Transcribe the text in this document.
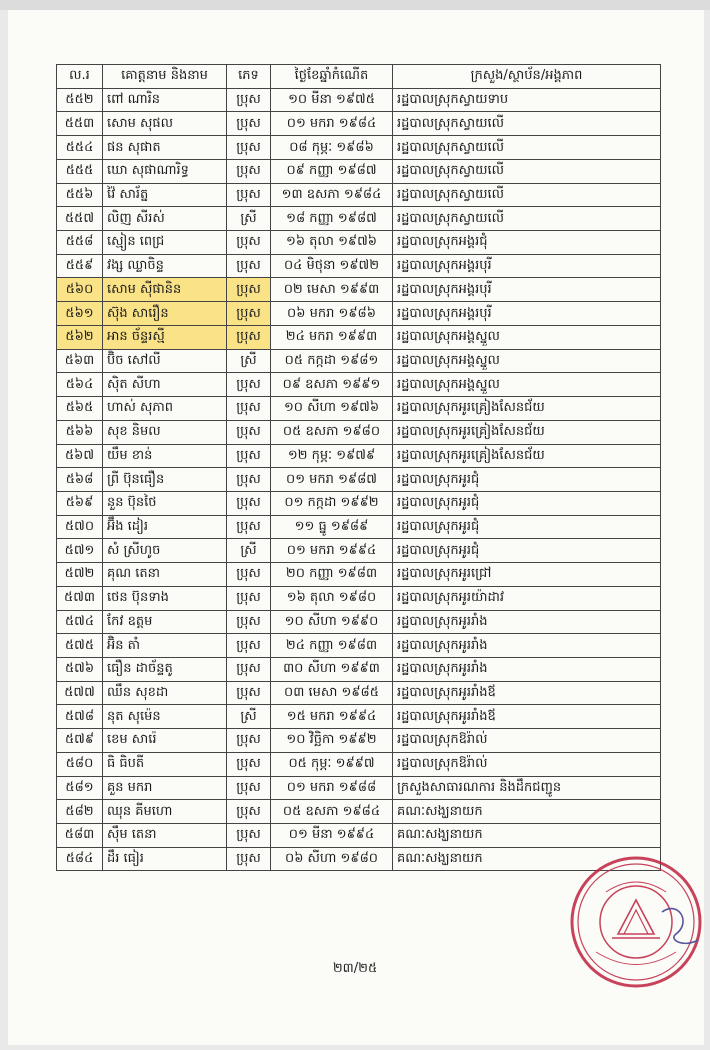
ល.រ	គោត្តនាម និងនាម	ភេទ	ថ្ងៃខែឆ្នាំកំណើត	ក្រសួង/ស្ថាប័ន/អង្គភាព
៥៥២	ពៅ ណារិន	ប្រុស	១០ មីនា ១៩៧៥	រដ្ឋបាលស្រុកស្វាយទាប
៥៥៣	សោម សុផល	ប្រុស	០១ មករា ១៩៨៤	រដ្ឋបាលស្រុកស្វាយលើ
៥៥៤	ផន សុផាត	ប្រុស	០៨ កុម្ភៈ ១៩៨៦	រដ្ឋបាលស្រុកស្វាយលើ
៥៥៥	ឃោ សុផាណារិទ្ធ	ប្រុស	០៩ កញ្ញា ១៩៨៧	រដ្ឋបាលស្រុកស្វាយលើ
៥៥៦	វ៉ៃ សារ័ត្ន	ប្រុស	១៣ ឧសភា ១៩៨៤	រដ្ឋបាលស្រុកស្វាយលើ
៥៥៧	លិញ សីរស់	ស្រី	១៨ កញ្ញា ១៩៨៧	រដ្ឋបាលស្រុកស្វាយលើ
៥៥៨	ស្មៀន ពេជ្រ	ប្រុស	១៦ តុលា ១៩៧៦	រដ្ឋបាលស្រុកអង្គរជុំ
៥៥៩	វង្ស ឈ្លាចិន្ទ	ប្រុស	០៤ មិថុនា ១៩៧២	រដ្ឋបាលស្រុកអង្គរបុរី
៥៦០	សោម ស៊ីផានិន	ប្រុស	០២ មេសា ១៩៩៣	រដ្ឋបាលស្រុកអង្គរបុរី
៥៦១	ស៊ុង សារឿន	ប្រុស	០៦ មករា ១៩៨៦	រដ្ឋបាលស្រុកអង្គរបុរី
៥៦២	អាន ច័ន្ទរស្មី	ប្រុស	២៤ មករា ១៩៩៣	រដ្ឋបាលស្រុកអង្គស្នួល
៥៦៣	ប៊ិច សៅលី	ស្រី	០៥ កក្កដា ១៩៨១	រដ្ឋបាលស្រុកអង្គស្នួល
៥៦៤	ស៊ិត សីហា	ប្រុស	០៩ ឧសភា ១៩៩១	រដ្ឋបាលស្រុកអង្គស្នួល
៥៦៥	ហាស់ សុភាព	ប្រុស	១០ សីហា ១៩៧៦	រដ្ឋបាលស្រុកអូរគ្រៀងសែនជ័យ
៥៦៦	សុខ និមល	ប្រុស	០៥ ឧសភា ១៩៨០	រដ្ឋបាលស្រុកអូរគ្រៀងសែនជ័យ
៥៦៧	យឹម ខាន់	ប្រុស	១២ កុម្ភៈ ១៩៧៩	រដ្ឋបាលស្រុកអូរគ្រៀងសែនជ័យ
៥៦៨	ព្រី ប៊ុនធឿន	ប្រុស	០១ មករា ១៩៨៧	រដ្ឋបាលស្រុកអូរជុំ
៥៦៩	នួន ប៊ុនថៃ	ប្រុស	០១ កក្កដា ១៩៩២	រដ្ឋបាលស្រុកអូរជុំ
៥៧០	អ៊ឹង ដៀរ	ប្រុស	១១ ធ្នូ ១៩៨៩	រដ្ឋបាលស្រុកអូរជុំ
៥៧១	សំ ស្រីហូច	ស្រី	០១ មករា ១៩៩៤	រដ្ឋបាលស្រុកអូរជុំ
៥៧២	គុណ តេនា	ប្រុស	២០ កញ្ញា ១៩៨៣	រដ្ឋបាលស្រុកអូរជ្រៅ
៥៧៣	ថេន ប៊ុនទាង	ប្រុស	១៦ តុលា ១៩៨០	រដ្ឋបាលស្រុកអូរយ៉ាដាវ
៥៧៤	កែវ ឧត្តម	ប្រុស	១០ សីហា ១៩៩០	រដ្ឋបាលស្រុកអូររាំង
៥៧៥	អ៊ិន តាំ	ប្រុស	២៤ កញ្ញា ១៩៨៣	រដ្ឋបាលស្រុកអូររាំង
៥៧៦	ធឿន ដាច័ន្ទតូ	ប្រុស	៣០ សីហា ១៩៩៣	រដ្ឋបាលស្រុកអូររាំង
៥៧៧	ឈឹន សុខដា	ប្រុស	០៣ មេសា ១៩៨៥	រដ្ឋបាលស្រុកអូររាំងឪ
៥៧៨	នុត សុម៉េន	ស្រី	១៥ មករា ១៩៩៤	រដ្ឋបាលស្រុកអូររាំងឪ
៥៧៩	ខេម សារ៉េ	ប្រុស	១០ វិច្ឆិកា ១៩៩២	រដ្ឋបាលស្រុកឱរ៉ាល់
៥៨០	ធិ ធិបតី	ប្រុស	០៥ កុម្ភៈ ១៩៩៧	រដ្ឋបាលស្រុកឱរ៉ាល់
៥៨១	គួន មករា	ប្រុស	០១ មករា ១៩៨៨	ក្រសួងសាធារណការ និងដឹកជញ្ជូន
៥៨២	ឈុន គីមហោ	ប្រុស	០៥ ឧសភា ១៩៨៤	គណៈសង្ឃនាយក
៥៨៣	ស៊ឹម តេនា	ប្រុស	០១ មីនា ១៩៩៤	គណៈសង្ឃនាយក
៥៨៤	ដឹរ ធៀរ	ប្រុស	០៦ សីហា ១៩៨០	គណៈសង្ឃនាយក
២៣/២៥
